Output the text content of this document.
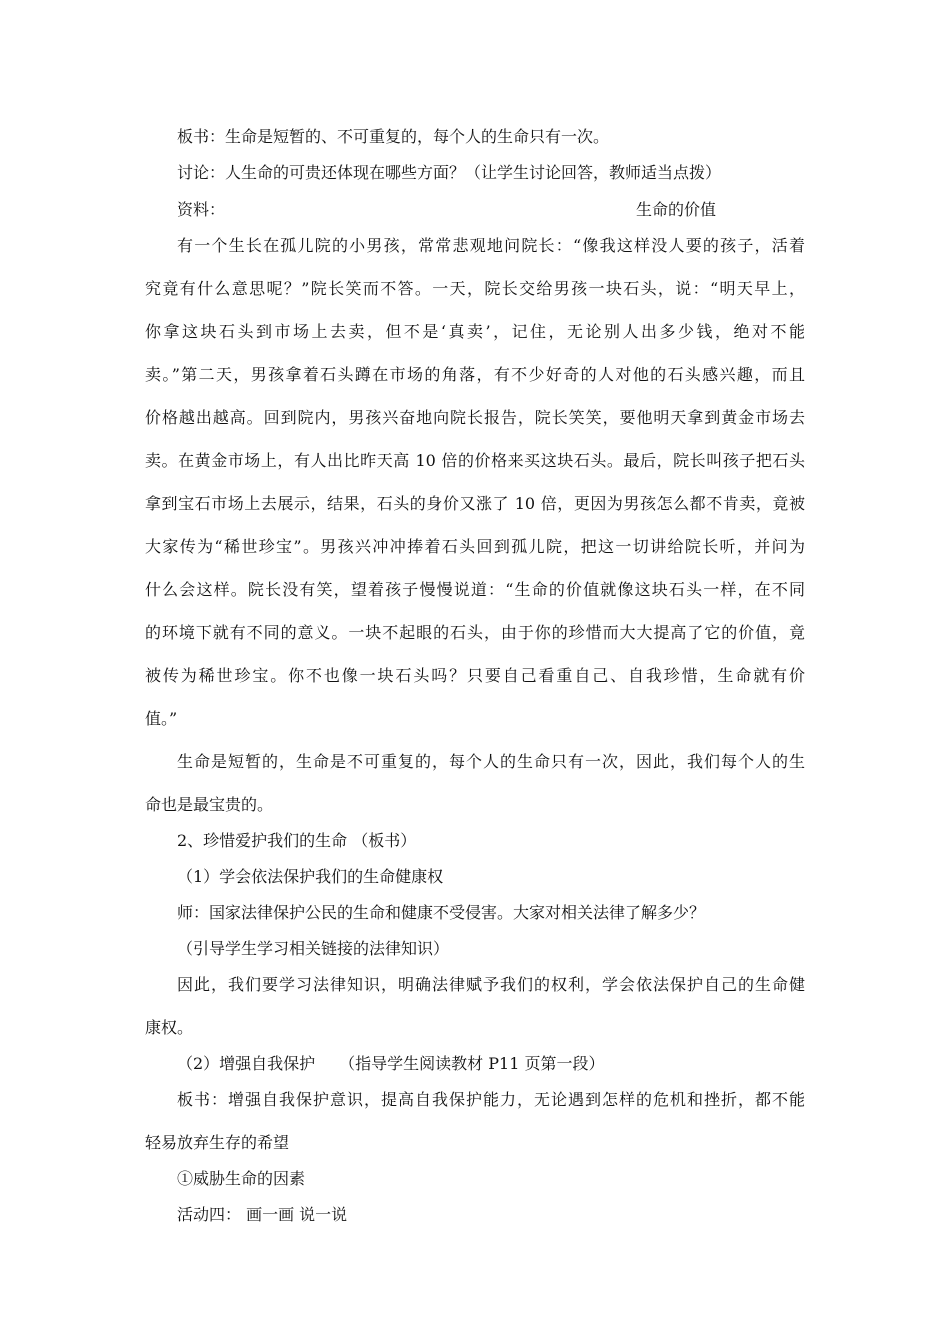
板书：生命是短暂的、不可重复的，每个人的生命只有一次。
讨论：人生命的可贵还体现在哪些方面？（让学生讨论回答，教师适当点拨）
资料：	生命的价值
有一个生长在孤儿院的小男孩，常常悲观地问院长：“像我这样没人要的孩子，活着
究竟有什么意思呢？”院长笑而不答。一天，院长交给男孩一块石头，说：“明天早上，
你拿这块石头到市场上去卖，但不是‘真卖’，记住，无论别人出多少钱，绝对不能
卖。”第二天，男孩拿着石头蹲在市场的角落，有不少好奇的人对他的石头感兴趣，而且
价格越出越高。回到院内，男孩兴奋地向院长报告，院长笑笑，要他明天拿到黄金市场去
卖。在黄金市场上，有人出比昨天高 10 倍的价格来买这块石头。最后，院长叫孩子把石头
拿到宝石市场上去展示，结果，石头的身价又涨了 10 倍，更因为男孩怎么都不肯卖，竟被
大家传为“稀世珍宝”。男孩兴冲冲捧着石头回到孤儿院，把这一切讲给院长听，并问为
什么会这样。院长没有笑，望着孩子慢慢说道：“生命的价值就像这块石头一样，在不同
的环境下就有不同的意义。一块不起眼的石头，由于你的珍惜而大大提高了它的价值，竟
被传为稀世珍宝。你不也像一块石头吗？只要自己看重自己、自我珍惜，生命就有价
值。”
生命是短暂的，生命是不可重复的，每个人的生命只有一次，因此，我们每个人的生
命也是最宝贵的。
2、珍惜爱护我们的生命 （板书）
（1）学会依法保护我们的生命健康权
师：国家法律保护公民的生命和健康不受侵害。大家对相关法律了解多少？
（引导学生学习相关链接的法律知识）
因此，我们要学习法律知识，明确法律赋予我们的权利，学会依法保护自己的生命健
康权。
（2）增强自我保护　　（指导学生阅读教材 P11 页第一段）
板书：增强自我保护意识，提高自我保护能力，无论遇到怎样的危机和挫折，都不能
轻易放弃生存的希望
①威胁生命的因素
活动四： 画一画 说一说
